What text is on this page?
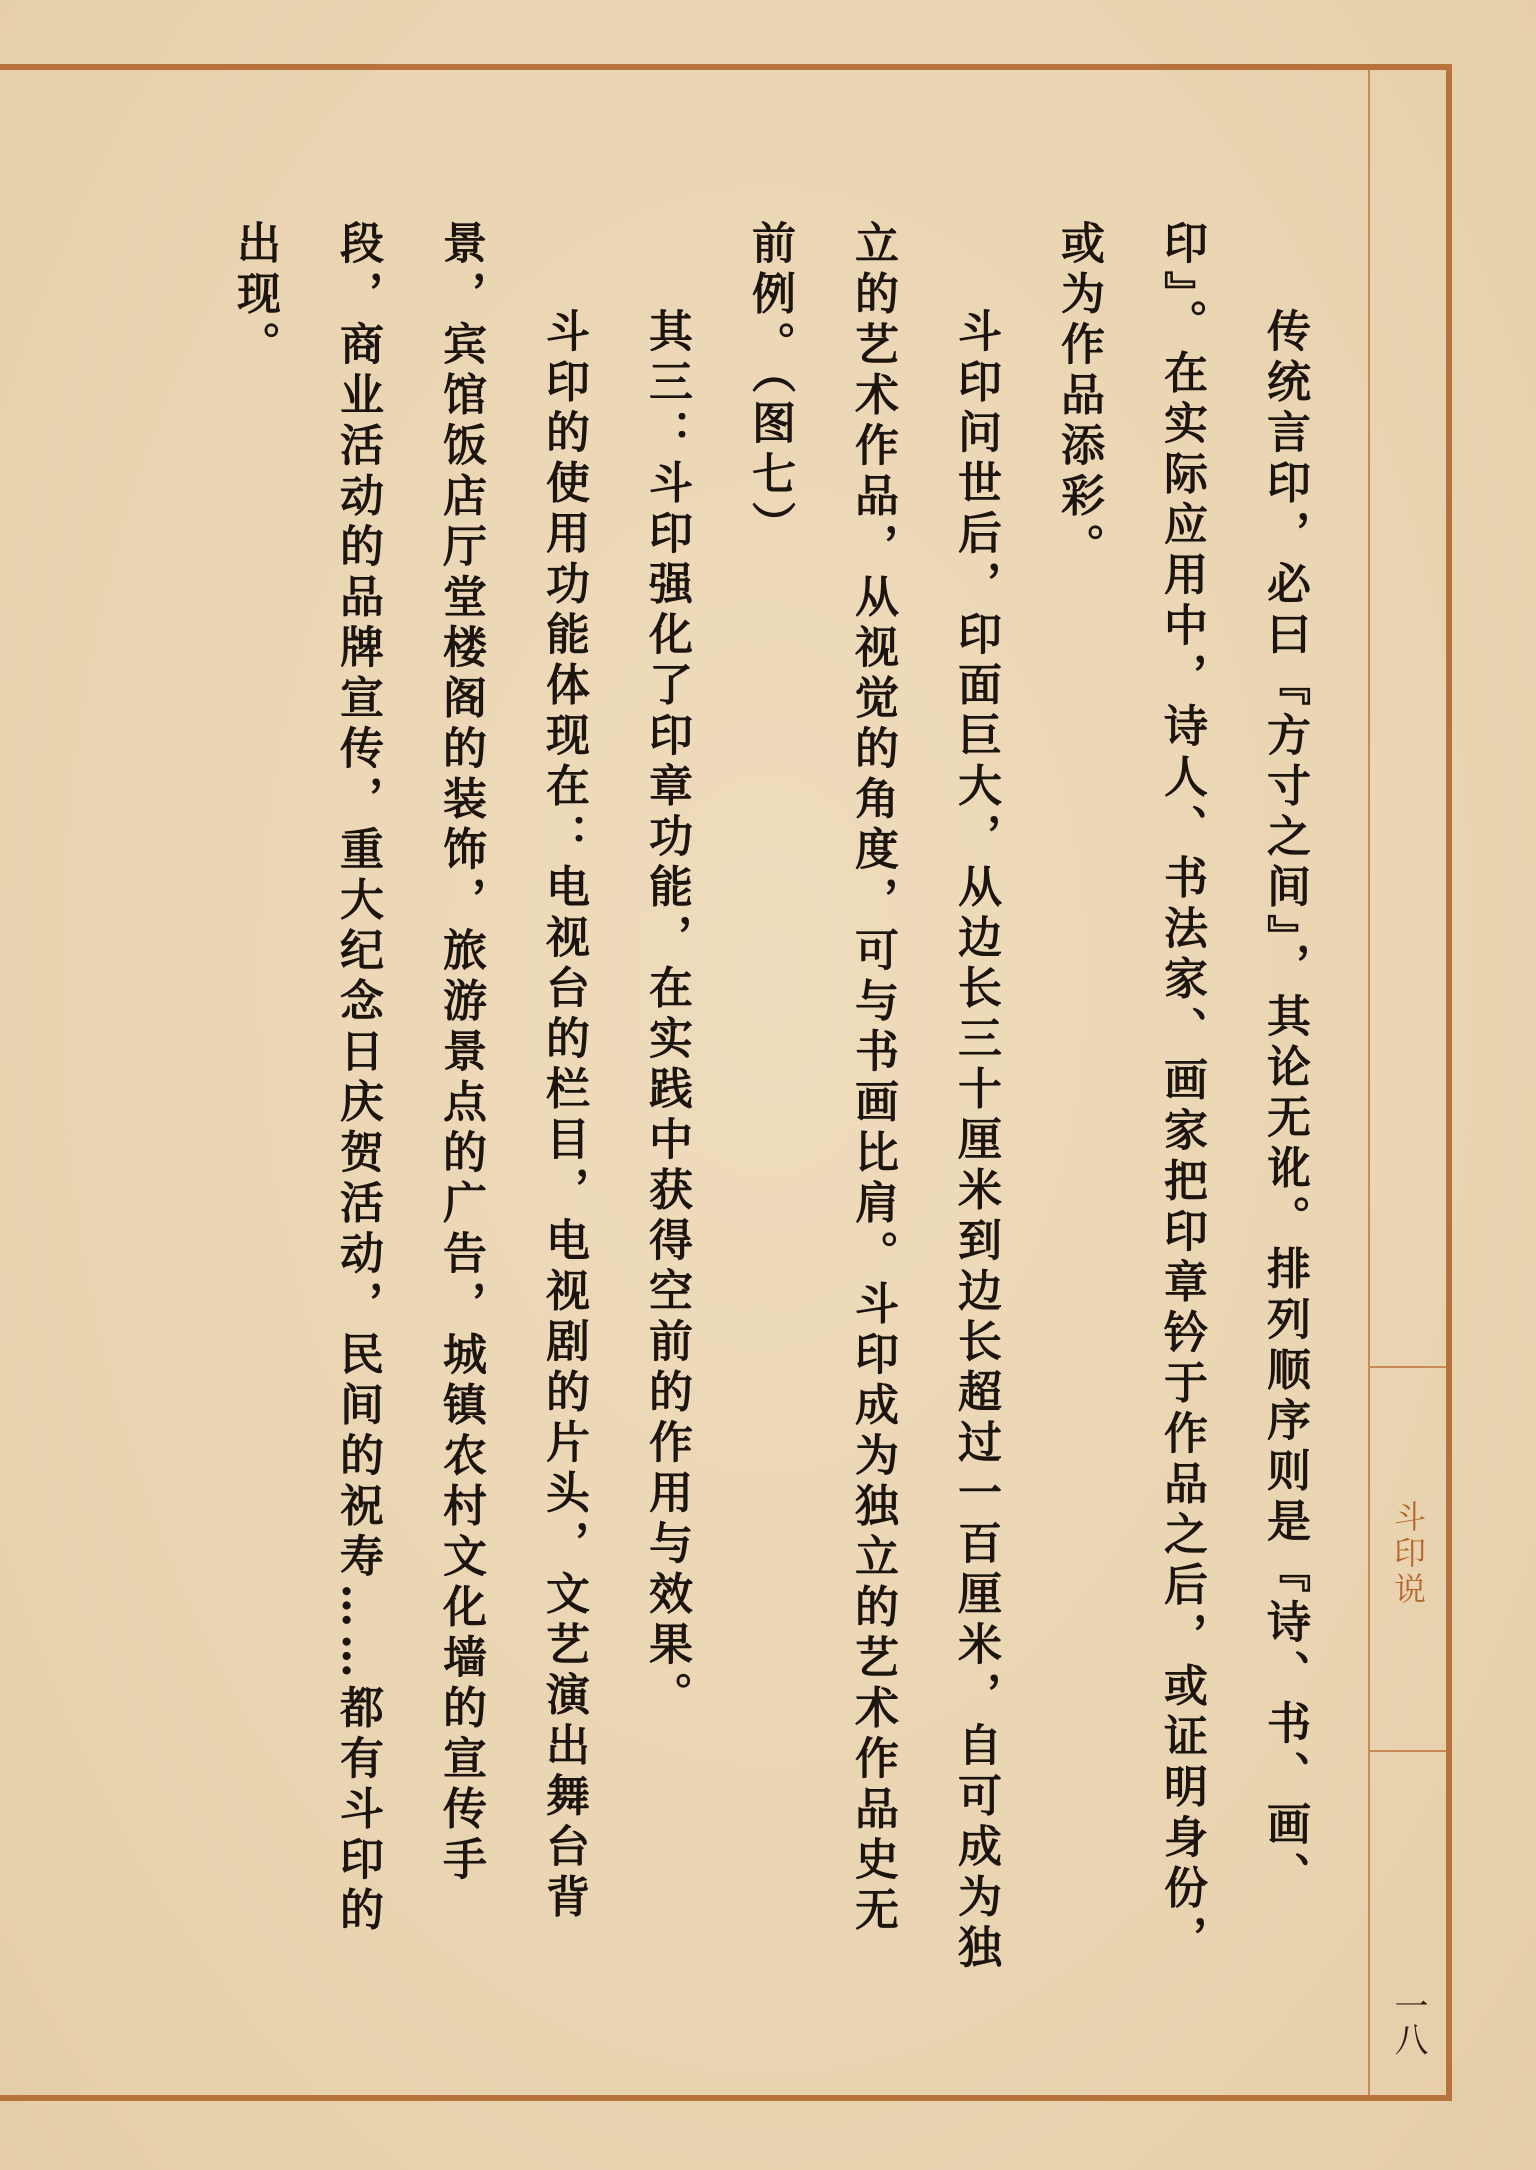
斗印说
一八

传统言印，必曰『方寸之间』，其论无讹。排列顺序则是『诗、书、画、印』。在实际应用中，诗人、书法家、画家把印章钤于作品之后，或证明身份，或为作品添彩。

斗印问世后，印面巨大，从边长三十厘米到边长超过一百厘米，自可成为独立的艺术作品，从视觉的角度，可与书画比肩。斗印成为独立的艺术作品史无前例。（图七）

其三：斗印强化了印章功能，在实践中获得空前的作用与效果。

斗印的使用功能体现在：电视台的栏目，电视剧的片头，文艺演出舞台背景，宾馆饭店厅堂楼阁的装饰，旅游景点的广告，城镇农村文化墙的宣传手段，商业活动的品牌宣传，重大纪念日庆贺活动，民间的祝寿……都有斗印的出现。
